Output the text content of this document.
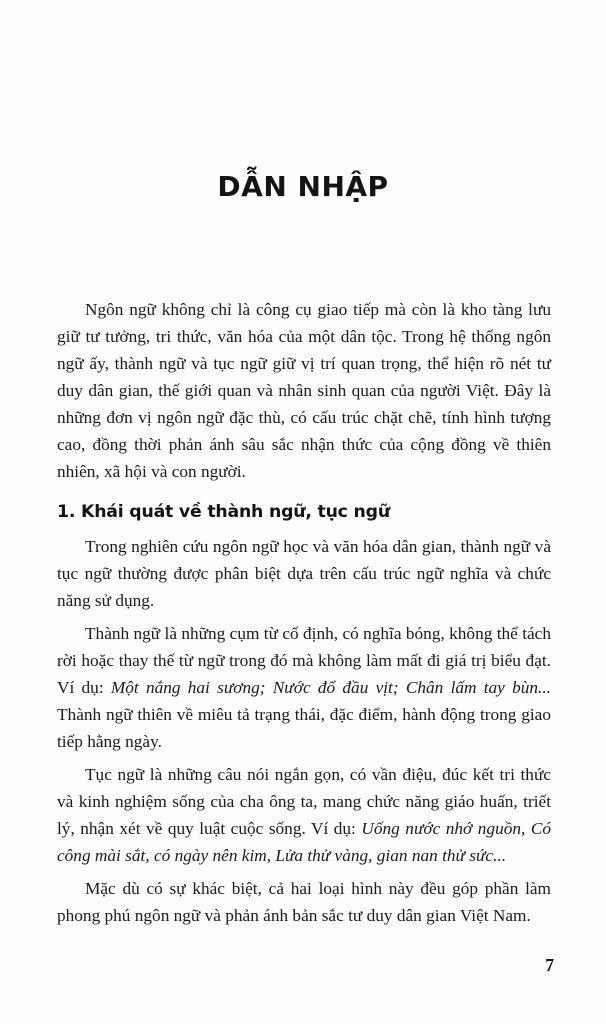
DẪN NHẬP

Ngôn ngữ không chỉ là công cụ giao tiếp mà còn là kho tàng lưu giữ tư tưởng, tri thức, văn hóa của một dân tộc. Trong hệ thống ngôn ngữ ấy, thành ngữ và tục ngữ giữ vị trí quan trọng, thể hiện rõ nét tư duy dân gian, thế giới quan và nhân sinh quan của người Việt. Đây là những đơn vị ngôn ngữ đặc thù, có cấu trúc chặt chẽ, tính hình tượng cao, đồng thời phản ánh sâu sắc nhận thức của cộng đồng về thiên nhiên, xã hội và con người.

1. Khái quát về thành ngữ, tục ngữ

Trong nghiên cứu ngôn ngữ học và văn hóa dân gian, thành ngữ và tục ngữ thường được phân biệt dựa trên cấu trúc ngữ nghĩa và chức năng sử dụng.

Thành ngữ là những cụm từ cố định, có nghĩa bóng, không thể tách rời hoặc thay thế từ ngữ trong đó mà không làm mất đi giá trị biểu đạt. Ví dụ: Một nắng hai sương; Nước đổ đầu vịt; Chân lấm tay bùn... Thành ngữ thiên về miêu tả trạng thái, đặc điểm, hành động trong giao tiếp hằng ngày.

Tục ngữ là những câu nói ngắn gọn, có vần điệu, đúc kết tri thức và kinh nghiệm sống của cha ông ta, mang chức năng giáo huấn, triết lý, nhận xét về quy luật cuộc sống. Ví dụ: Uống nước nhớ nguồn, Có công mài sắt, có ngày nên kim, Lửa thử vàng, gian nan thử sức...

Mặc dù có sự khác biệt, cả hai loại hình này đều góp phần làm phong phú ngôn ngữ và phản ánh bản sắc tư duy dân gian Việt Nam.

7
